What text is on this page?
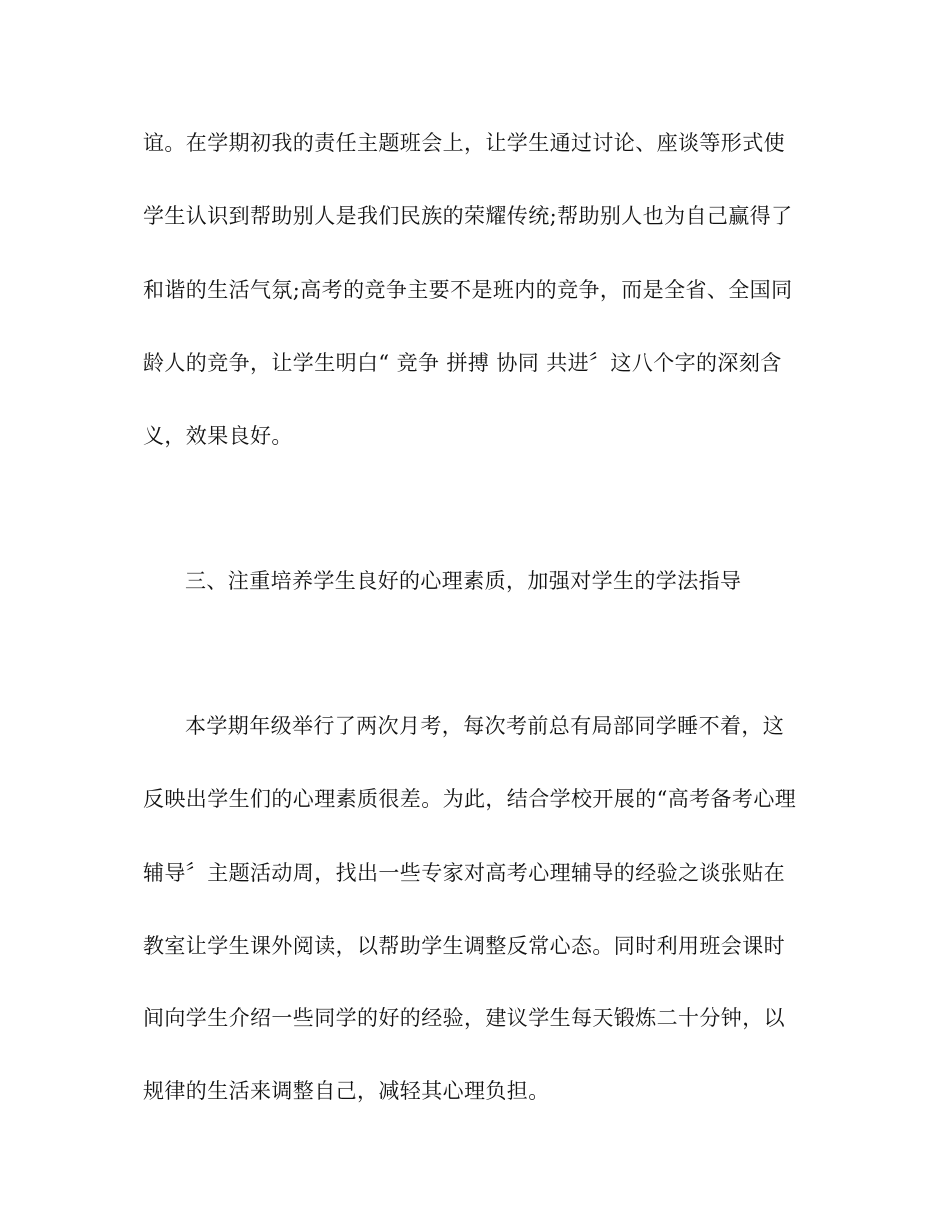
谊。在学期初我的责任主题班会上，让学生通过讨论、座谈等形式使
学生认识到帮助别人是我们民族的荣耀传统;帮助别人也为自己赢得了
和谐的生活气氛;高考的竞争主要不是班内的竞争，而是全省、全国同
龄人的竞争，让学生明白“ 竞争 拼搏 协同 共进〞这八个字的深刻含
义，效果良好。
三、注重培养学生良好的心理素质，加强对学生的学法指导
本学期年级举行了两次月考，每次考前总有局部同学睡不着，这
反映出学生们的心理素质很差。为此，结合学校开展的“高考备考心理
辅导〞主题活动周，找出一些专家对高考心理辅导的经验之谈张贴在
教室让学生课外阅读，以帮助学生调整反常心态。同时利用班会课时
间向学生介绍一些同学的好的经验，建议学生每天锻炼二十分钟，以
规律的生活来调整自己，减轻其心理负担。
